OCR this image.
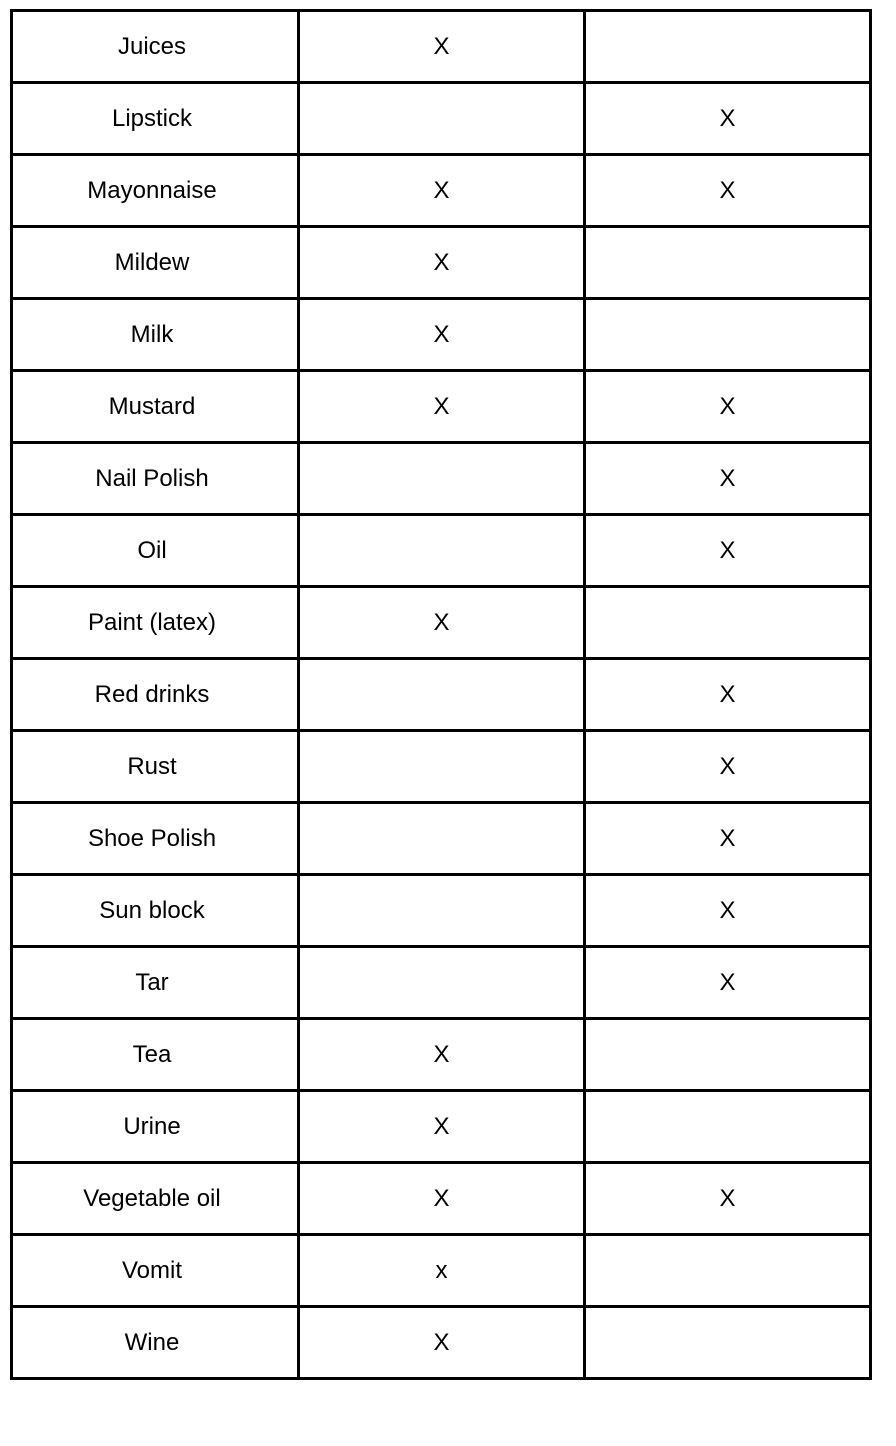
Juices	X	
Lipstick		X
Mayonnaise	X	X
Mildew	X	
Milk	X	
Mustard	X	X
Nail Polish		X
Oil		X
Paint (latex)	X	
Red drinks		X
Rust		X
Shoe Polish		X
Sun block		X
Tar		X
Tea	X	
Urine	X	
Vegetable oil	X	X
Vomit	x	
Wine	X	
